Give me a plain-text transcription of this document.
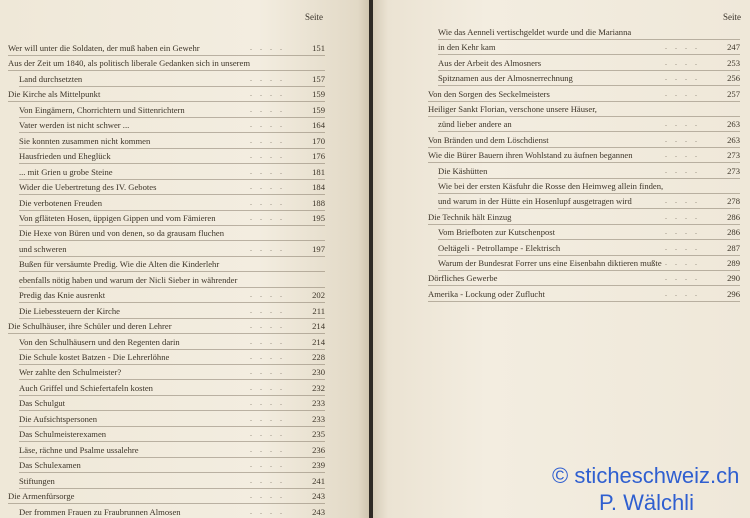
Seite
Wer will unter die Soldaten, der muß haben ein Gewehr	. . . .	151
Aus der Zeit um 1840, als politisch liberale Gedanken sich in unserem
Land durchsetzten	. . . .	157
Die Kirche als Mittelpunkt	. . . .	159
Von Eingämern, Chorrichtern und Sittenrichtern	. . . .	159
Vater werden ist nicht schwer ...	. . . .	164
Sie konnten zusammen nicht kommen	. . . .	170
Hausfrieden und Eheglück	. . . .	176
... mit Grien u grobe Steine	. . . .	181
Wider die Uebertretung des IV. Gebotes	. . . .	184
Die verbotenen Freuden	. . . .	188
Von gfläteten Hosen, üppigen Gippen und vom Fämieren	. . . .	195
Die Hexe von Büren und von denen, so da grausam fluchen
und schweren	. . . .	197
Bußen für versäumte Predig. Wie die Alten die Kinderlehr
ebenfalls nötig haben und warum der Nicli Sieber in währender
Predig das Knie ausrenkt	. . . .	202
Die Liebessteuern der Kirche	. . . .	211
Die Schulhäuser, ihre Schüler und deren Lehrer	. . . .	214
Von den Schulhäusern und den Regenten darin	. . . .	214
Die Schule kostet Batzen - Die Lehrerlöhne	. . . .	228
Wer zahlte den Schulmeister?	. . . .	230
Auch Griffel und Schiefertafeln kosten	. . . .	232
Das Schulgut	. . . .	233
Die Aufsichtspersonen	. . . .	233
Das Schulmeisterexamen	. . . .	235
Läse, rächne und Psalme ussalehre	. . . .	236
Das Schulexamen	. . . .	239
Stiftungen	. . . .	241
Die Armenfürsorge	. . . .	243
Der frommen Frauen zu Fraubrunnen Almosen	. . . .	243
Seite
Wie das Aenneli vertischgeldet wurde und die Marianna
in den Kehr kam	. . . .	247
Aus der Arbeit des Almosners	. . . .	253
Spitznamen aus der Almosnerrechnung	. . . .	256
Von den Sorgen des Seckelmeisters	. . . .	257
Heiliger Sankt Florian, verschone unsere Häuser,
zünd lieber andere an	. . . .	263
Von Bränden und dem Löschdienst	. . . .	263
Wie die Bürer Bauern ihren Wohlstand zu äufnen begannen	. . . .	273
Die Käshütten	. . . .	273
Wie bei der ersten Käsfuhr die Rosse den Heimweg allein finden,
und warum in der Hütte ein Hosenlupf ausgetragen wird	. . . .	278
Die Technik hält Einzug	. . . .	286
Vom Briefboten zur Kutschenpost	. . . .	286
Oeltägeli - Petrollampe - Elektrisch	. . . .	287
Warum der Bundesrat Forrer uns eine Eisenbahn diktieren mußte . . . .	289
Dörfliches Gewerbe	. . . .	290
Amerika - Lockung oder Zuflucht	. . . .	296
© sticheschweiz.ch
P. Wälchli
